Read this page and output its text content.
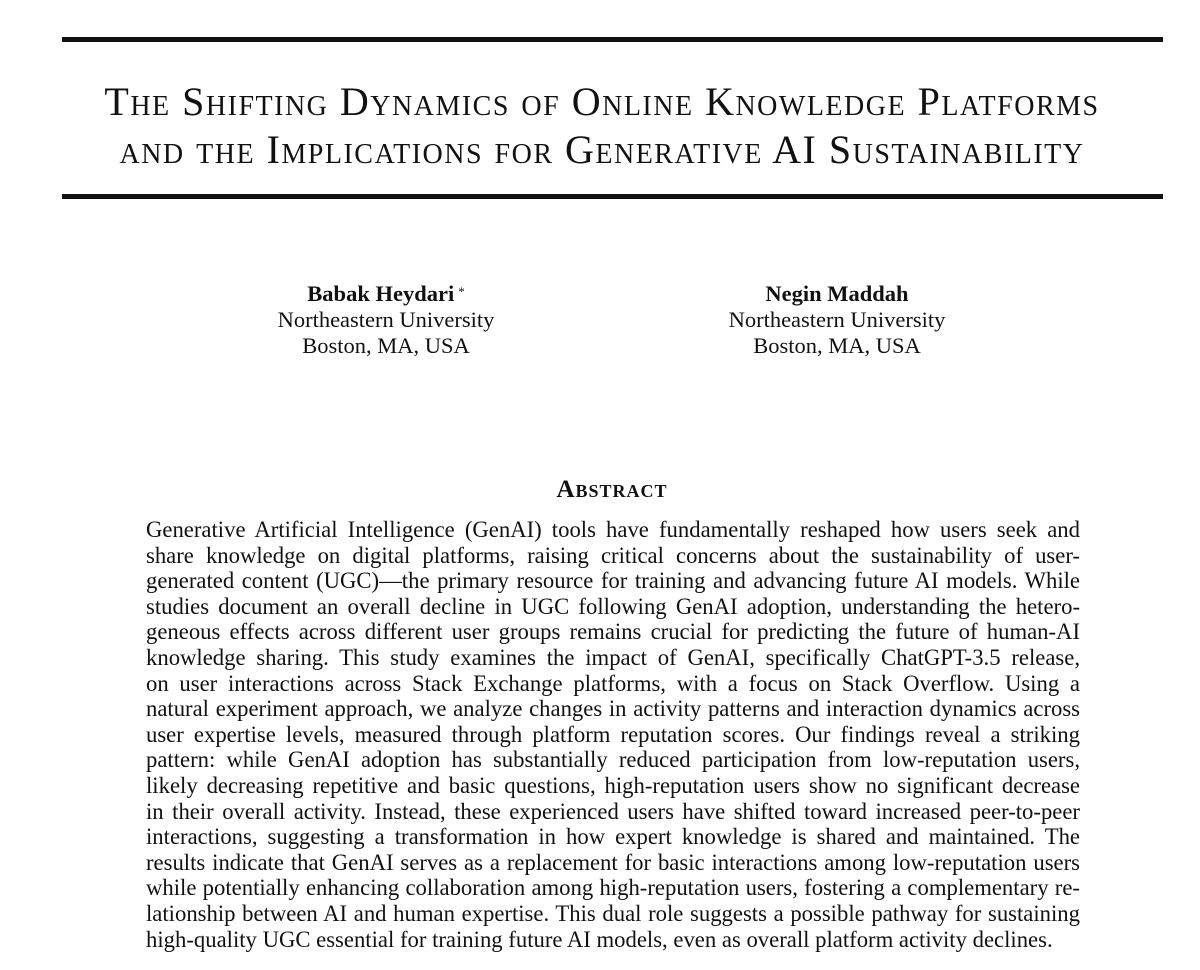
The Shifting Dynamics of Online Knowledge Platforms
and the Implications for Generative AI Sustainability
Babak Heydari *
Northeastern University
Boston, MA, USA
Negin Maddah
Northeastern University
Boston, MA, USA
Abstract
Generative Artificial Intelligence (GenAI) tools have fundamentally reshaped how users seek and
share knowledge on digital platforms, raising critical concerns about the sustainability of user-
generated content (UGC)—the primary resource for training and advancing future AI models. While
studies document an overall decline in UGC following GenAI adoption, understanding the hetero-
geneous effects across different user groups remains crucial for predicting the future of human-AI
knowledge sharing. This study examines the impact of GenAI, specifically ChatGPT-3.5 release,
on user interactions across Stack Exchange platforms, with a focus on Stack Overflow. Using a
natural experiment approach, we analyze changes in activity patterns and interaction dynamics across
user expertise levels, measured through platform reputation scores. Our findings reveal a striking
pattern: while GenAI adoption has substantially reduced participation from low-reputation users,
likely decreasing repetitive and basic questions, high-reputation users show no significant decrease
in their overall activity. Instead, these experienced users have shifted toward increased peer-to-peer
interactions, suggesting a transformation in how expert knowledge is shared and maintained. The
results indicate that GenAI serves as a replacement for basic interactions among low-reputation users
while potentially enhancing collaboration among high-reputation users, fostering a complementary re-
lationship between AI and human expertise. This dual role suggests a possible pathway for sustaining
high-quality UGC essential for training future AI models, even as overall platform activity declines.
